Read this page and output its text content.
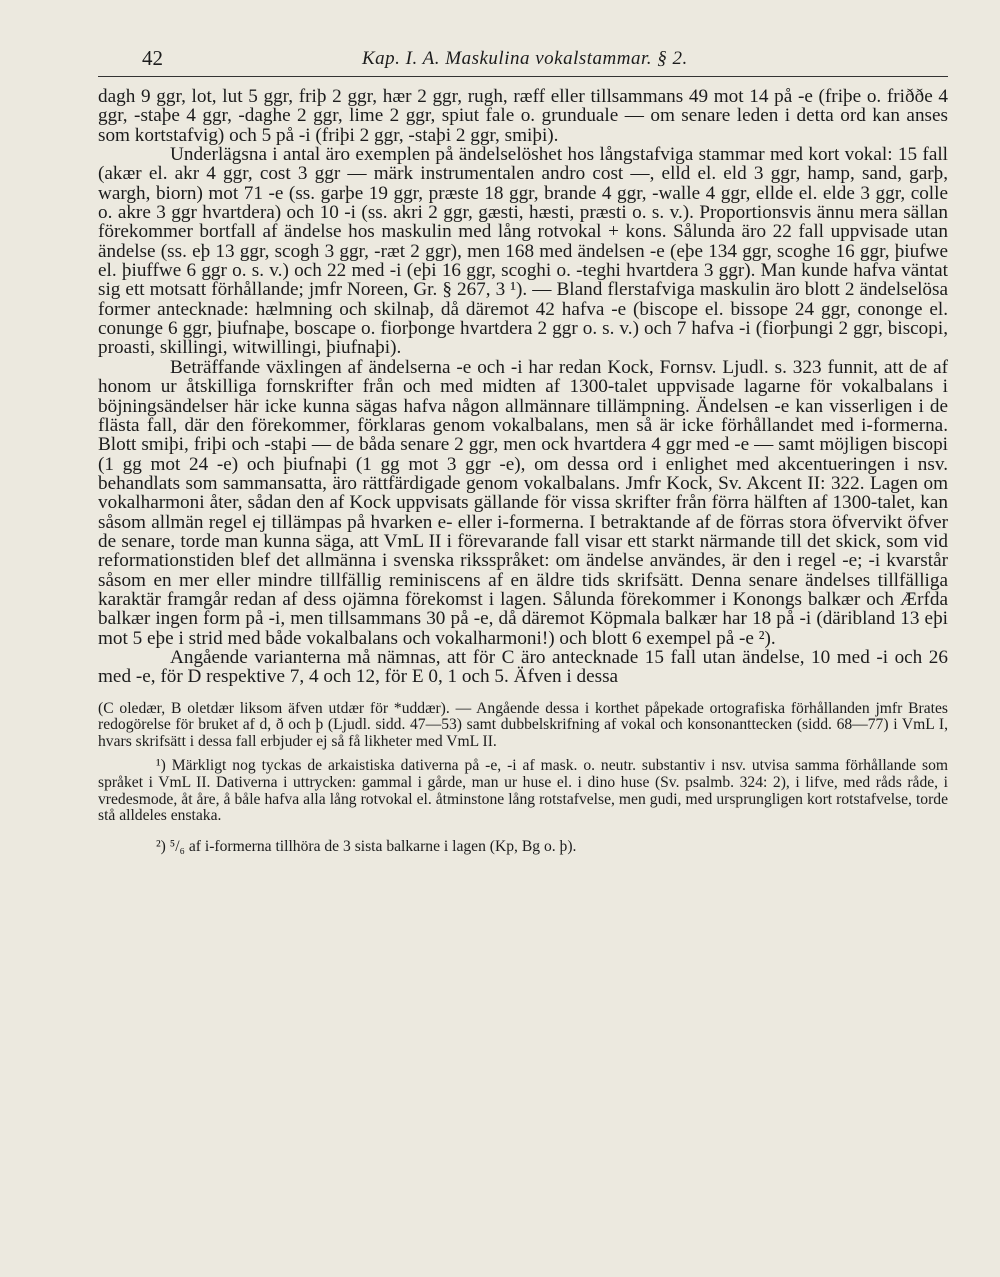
42	Kap. I. A. Maskulina vokalstammar. § 2.

dagh 9 ggr, lot, lut 5 ggr, friþ 2 ggr, hær 2 ggr, rugh, ræff eller tillsammans 49 mot 14 på -e (friþe o. friððe 4 ggr, -staþe 4 ggr, -daghe 2 ggr, lime 2 ggr, spiut fale o. grunduale — om senare leden i detta ord kan anses som kortstafvig) och 5 på -i (friþi 2 ggr, -staþi 2 ggr, smiþi).

Underlägsna i antal äro exemplen på ändelselöshet hos långstafviga stammar med kort vokal: 15 fall (akær el. akr 4 ggr, cost 3 ggr — märk instrumentalen andro cost —, elld el. eld 3 ggr, hamp, sand, garþ, wargh, biorn) mot 71 -e (ss. garþe 19 ggr, præste 18 ggr, brande 4 ggr, -walle 4 ggr, ellde el. elde 3 ggr, colle o. akre 3 ggr hvartdera) och 10 -i (ss. akri 2 ggr, gæsti, hæsti, præsti o. s. v.). Proportionsvis ännu mera sällan förekommer bortfall af ändelse hos maskulin med lång rotvokal + kons. Sålunda äro 22 fall uppvisade utan ändelse (ss. eþ 13 ggr, scogh 3 ggr, -ræt 2 ggr), men 168 med ändelsen -e (eþe 134 ggr, scoghe 16 ggr, þiufwe el. þiuffwe 6 ggr o. s. v.) och 22 med -i (eþi 16 ggr, scoghi o. -teghi hvartdera 3 ggr). Man kunde hafva väntat sig ett motsatt förhållande; jmfr Noreen, Gr. § 267, 3 ¹). — Bland flerstafviga maskulin äro blott 2 ändelselösa former antecknade: hælmning och skilnaþ, då däremot 42 hafva -e (biscope el. bissope 24 ggr, cononge el. conunge 6 ggr, þiufnaþe, boscape o. fiorþonge hvartdera 2 ggr o. s. v.) och 7 hafva -i (fiorþungi 2 ggr, biscopi, proasti, skillingi, witwillingi, þiufnaþi).

Beträffande växlingen af ändelserna -e och -i har redan Kock, Fornsv. Ljudl. s. 323 funnit, att de af honom ur åtskilliga fornskrifter från och med midten af 1300-talet uppvisade lagarne för vokalbalans i böjningsändelser här icke kunna sägas hafva någon allmännare tillämpning. Ändelsen -e kan visserligen i de flästa fall, där den förekommer, förklaras genom vokalbalans, men så är icke förhållandet med i-formerna. Blott smiþi, friþi och -staþi — de båda senare 2 ggr, men ock hvartdera 4 ggr med -e — samt möjligen biscopi (1 gg mot 24 -e) och þiufnaþi (1 gg mot 3 ggr -e), om dessa ord i enlighet med akcentueringen i nsv. behandlats som sammansatta, äro rättfärdigade genom vokalbalans. Jmfr Kock, Sv. Akcent II: 322. Lagen om vokalharmoni åter, sådan den af Kock uppvisats gällande för vissa skrifter från förra hälften af 1300-talet, kan såsom allmän regel ej tillämpas på hvarken e- eller i-formerna. I betraktande af de förras stora öfvervikt öfver de senare, torde man kunna säga, att VmL II i förevarande fall visar ett starkt närmande till det skick, som vid reformationstiden blef det allmänna i svenska riksspråket: om ändelse användes, är den i regel -e; -i kvarstår såsom en mer eller mindre tillfällig reminiscens af en äldre tids skrifsätt. Denna senare ändelses tillfälliga karaktär framgår redan af dess ojämna förekomst i lagen. Sålunda förekommer i Konongs balkær och Ærfda balkær ingen form på -i, men tillsammans 30 på -e, då däremot Köpmala balkær har 18 på -i (däribland 13 eþi mot 5 eþe i strid med både vokalbalans och vokalharmoni!) och blott 6 exempel på -e ²).

Angående varianterna må nämnas, att för C äro antecknade 15 fall utan ändelse, 10 med -i och 26 med -e, för D respektive 7, 4 och 12, för E 0, 1 och 5. Äfven i dessa

(C oledær, B oletdær liksom äfven utdær för *uddær). — Angående dessa i korthet påpekade ortografiska förhållanden jmfr Brates redogörelse för bruket af d, ð och þ (Ljudl. sidd. 47—53) samt dubbelskrifning af vokal och konsonanttecken (sidd. 68—77) i VmL I, hvars skrifsätt i dessa fall erbjuder ej så få likheter med VmL II.

¹) Märkligt nog tyckas de arkaistiska dativerna på -e, -i af mask. o. neutr. substantiv i nsv. utvisa samma förhållande som språket i VmL II. Dativerna i uttrycken: gammal i gårde, man ur huse el. i dino huse (Sv. psalmb. 324: 2), i lifve, med råds råde, i vredesmode, åt åre, å båle hafva alla lång rotvokal el. åtminstone lång rotstafvelse, men gudi, med ursprungligen kort rotstafvelse, torde stå alldeles enstaka.

²) ⁵/₆ af i-formerna tillhöra de 3 sista balkarne i lagen (Kp, Bg o. þ).
